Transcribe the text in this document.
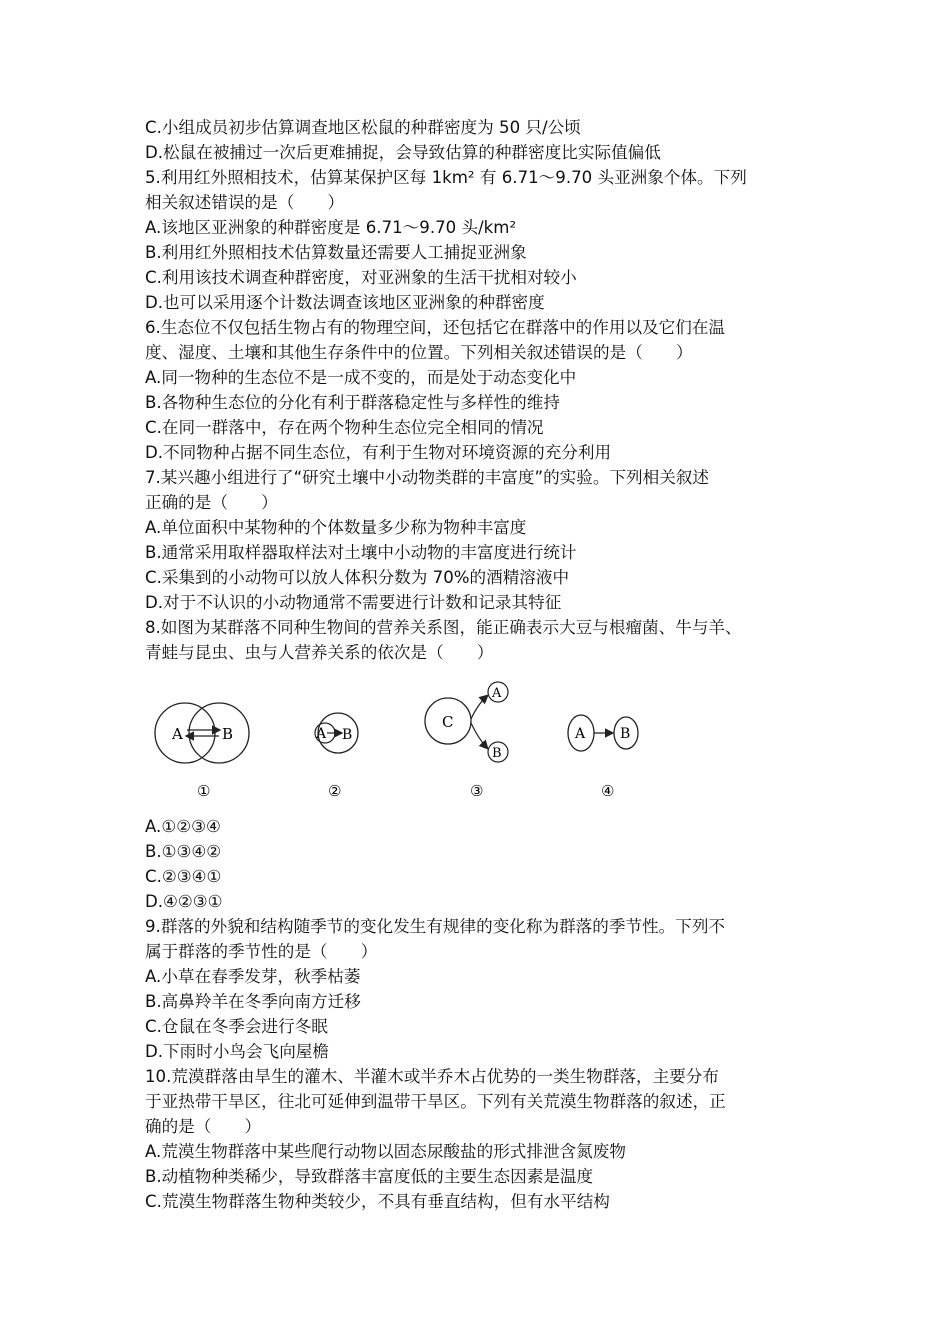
C.小组成员初步估算调查地区松鼠的种群密度为 50 只/公顷
D.松鼠在被捕过一次后更难捕捉，会导致估算的种群密度比实际值偏低
5.利用红外照相技术，估算某保护区每 1km² 有 6.71～9.70 头亚洲象个体。下列
相关叙述错误的是（　　）
A.该地区亚洲象的种群密度是 6.71～9.70 头/km²
B.利用红外照相技术估算数量还需要人工捕捉亚洲象
C.利用该技术调查种群密度，对亚洲象的生活干扰相对较小
D.也可以采用逐个计数法调查该地区亚洲象的种群密度
6.生态位不仅包括生物占有的物理空间，还包括它在群落中的作用以及它们在温
度、湿度、土壤和其他生存条件中的位置。下列相关叙述错误的是（　　）
A.同一物种的生态位不是一成不变的，而是处于动态变化中
B.各物种生态位的分化有利于群落稳定性与多样性的维持
C.在同一群落中，存在两个物种生态位完全相同的情况
D.不同物种占据不同生态位，有利于生物对环境资源的充分利用
7.某兴趣小组进行了“研究土壤中小动物类群的丰富度”的实验。下列相关叙述
正确的是（　　）
A.单位面积中某物种的个体数量多少称为物种丰富度
B.通常采用取样器取样法对土壤中小动物的丰富度进行统计
C.采集到的小动物可以放人体积分数为 70%的酒精溶液中
D.对于不认识的小动物通常不需要进行计数和记录其特征
8.如图为某群落不同种生物间的营养关系图，能正确表示大豆与根瘤菌、牛与羊、
青蛙与昆虫、虫与人营养关系的依次是（　　）
A	B
①
A B
②
C
A
B
③
A B
④
A.①②③④
B.①③④②
C.②③④①
D.④②③①
9.群落的外貌和结构随季节的变化发生有规律的变化称为群落的季节性。下列不
属于群落的季节性的是（　　）
A.小草在春季发芽，秋季枯萎
B.高鼻羚羊在冬季向南方迁移
C.仓鼠在冬季会进行冬眠
D.下雨时小鸟会飞向屋檐
10.荒漠群落由旱生的灌木、半灌木或半乔木占优势的一类生物群落，主要分布
于亚热带干旱区，往北可延伸到温带干旱区。下列有关荒漠生物群落的叙述，正
确的是（　　）
A.荒漠生物群落中某些爬行动物以固态尿酸盐的形式排泄含氮废物
B.动植物种类稀少，导致群落丰富度低的主要生态因素是温度
C.荒漠生物群落生物种类较少，不具有垂直结构，但有水平结构
